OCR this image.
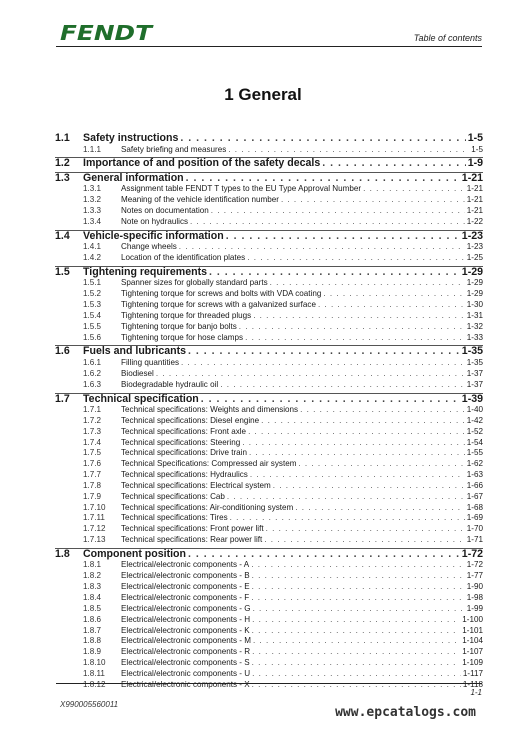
FENDT	Table of contents
1 General
1.1	Safety instructions . . .	1-5
1.1.1	Safety briefing and measures . . .	1-5
1.2	Importance of and position of the safety decals . . .	1-9
1.3	General information . . .	1-21
1.3.1	Assignment table FENDT T types to the EU Type Approval Number . . .	1-21
1.3.2	Meaning of the vehicle identification number . . .	1-21
1.3.3	Notes on documentation . . .	1-21
1.3.4	Note on hydraulics . . .	1-22
1.4	Vehicle-specific information . . .	1-23
1.4.1	Change wheels . . .	1-23
1.4.2	Location of the identification plates . . .	1-25
1.5	Tightening requirements . . .	1-29
1.5.1	Spanner sizes for globally standard parts . . .	1-29
1.5.2	Tightening torque for screws and bolts with VDA coating . . .	1-29
1.5.3	Tightening torque for screws with a galvanized surface . . .	1-30
1.5.4	Tightening torque for threaded plugs . . .	1-31
1.5.5	Tightening torque for banjo bolts . . .	1-32
1.5.6	Tightening torque for hose clamps . . .	1-33
1.6	Fuels and lubricants . . .	1-35
1.6.1	Filling quantities . . .	1-35
1.6.2	Biodiesel . . .	1-37
1.6.3	Biodegradable hydraulic oil . . .	1-37
1.7	Technical specification . . .	1-39
1.7.1	Technical specifications: Weights and dimensions . . .	1-40
1.7.2	Technical specifications: Diesel engine . . .	1-42
1.7.3	Technical specifications: Front axle . . .	1-52
1.7.4	Technical specifications: Steering . . .	1-54
1.7.5	Technical specifications: Drive train . . .	1-55
1.7.6	Technical Specifications: Compressed air system . . .	1-62
1.7.7	Technical specifications: Hydraulics . . .	1-63
1.7.8	Technical specifications: Electrical system . . .	1-66
1.7.9	Technical specifications: Cab . . .	1-67
1.7.10	Technical specifications: Air-conditioning system . . .	1-68
1.7.11	Technical specifications: Tires . . .	1-69
1.7.12	Technical specifications: Front power lift . . .	1-70
1.7.13	Technical specifications: Rear power lift . . .	1-71
1.8	Component position . . .	1-72
1.8.1	Electrical/electronic components - A . . .	1-72
1.8.2	Electrical/electronic components - B . . .	1-77
1.8.3	Electrical/electronic components - E . . .	1-90
1.8.4	Electrical/electronic components - F . . .	1-98
1.8.5	Electrical/electronic components - G . . .	1-99
1.8.6	Electrical/electronic components - H . . .	1-100
1.8.7	Electrical/electronic components - K . . .	1-101
1.8.8	Electrical/electronic components - M . . .	1-104
1.8.9	Electrical/electronic components - R . . .	1-107
1.8.10	Electrical/electronic components - S . . .	1-109
1.8.11	Electrical/electronic components - U . . .	1-117
1.8.12	Electrical/electronic components - X . . .	1-118
1-1
X990005560011
www.epcatalogs.com
